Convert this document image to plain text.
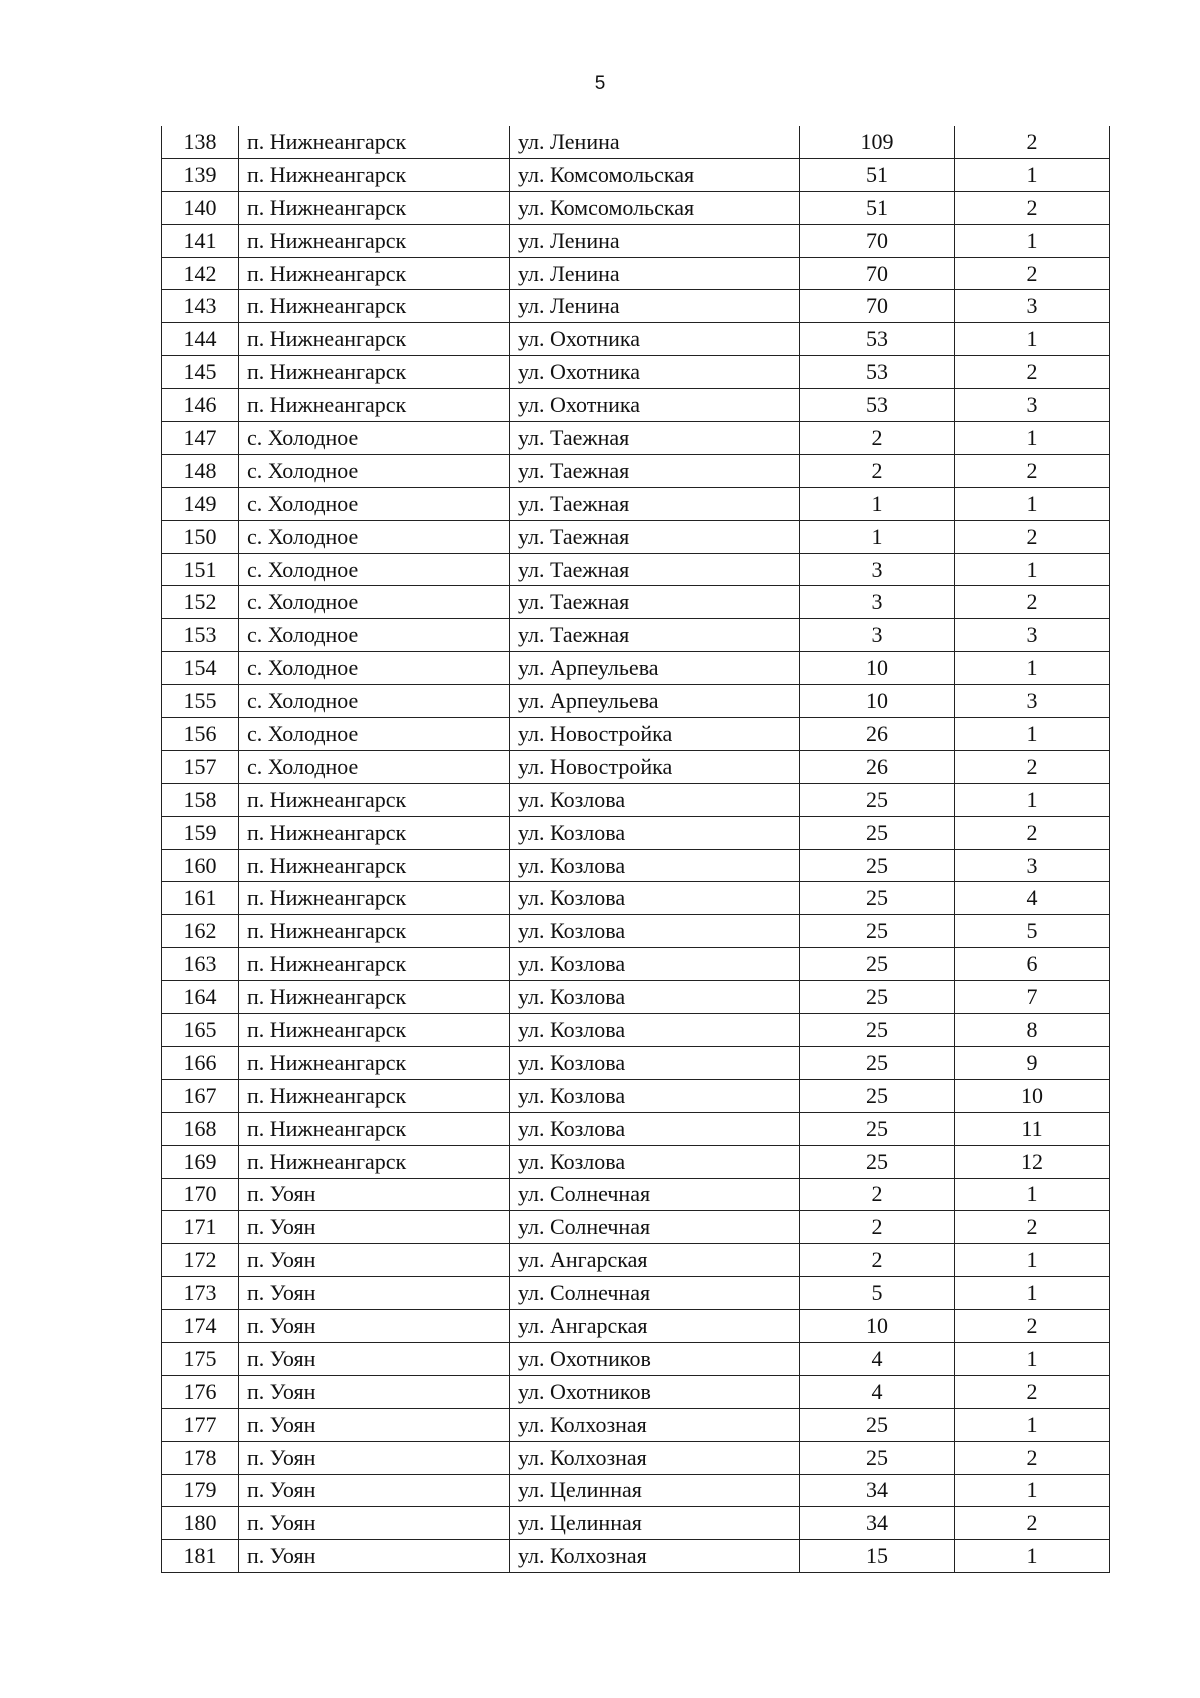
5
138	п. Нижнеангарск	ул. Ленина	109	2
139	п. Нижнеангарск	ул. Комсомольская	51	1
140	п. Нижнеангарск	ул. Комсомольская	51	2
141	п. Нижнеангарск	ул. Ленина	70	1
142	п. Нижнеангарск	ул. Ленина	70	2
143	п. Нижнеангарск	ул. Ленина	70	3
144	п. Нижнеангарск	ул. Охотника	53	1
145	п. Нижнеангарск	ул. Охотника	53	2
146	п. Нижнеангарск	ул. Охотника	53	3
147	с. Холодное	ул. Таежная	2	1
148	с. Холодное	ул. Таежная	2	2
149	с. Холодное	ул. Таежная	1	1
150	с. Холодное	ул. Таежная	1	2
151	с. Холодное	ул. Таежная	3	1
152	с. Холодное	ул. Таежная	3	2
153	с. Холодное	ул. Таежная	3	3
154	с. Холодное	ул. Арпеульева	10	1
155	с. Холодное	ул. Арпеульева	10	3
156	с. Холодное	ул. Новостройка	26	1
157	с. Холодное	ул. Новостройка	26	2
158	п. Нижнеангарск	ул. Козлова	25	1
159	п. Нижнеангарск	ул. Козлова	25	2
160	п. Нижнеангарск	ул. Козлова	25	3
161	п. Нижнеангарск	ул. Козлова	25	4
162	п. Нижнеангарск	ул. Козлова	25	5
163	п. Нижнеангарск	ул. Козлова	25	6
164	п. Нижнеангарск	ул. Козлова	25	7
165	п. Нижнеангарск	ул. Козлова	25	8
166	п. Нижнеангарск	ул. Козлова	25	9
167	п. Нижнеангарск	ул. Козлова	25	10
168	п. Нижнеангарск	ул. Козлова	25	11
169	п. Нижнеангарск	ул. Козлова	25	12
170	п. Уоян	ул. Солнечная	2	1
171	п. Уоян	ул. Солнечная	2	2
172	п. Уоян	ул. Ангарская	2	1
173	п. Уоян	ул. Солнечная	5	1
174	п. Уоян	ул. Ангарская	10	2
175	п. Уоян	ул. Охотников	4	1
176	п. Уоян	ул. Охотников	4	2
177	п. Уоян	ул. Колхозная	25	1
178	п. Уоян	ул. Колхозная	25	2
179	п. Уоян	ул. Целинная	34	1
180	п. Уоян	ул. Целинная	34	2
181	п. Уоян	ул. Колхозная	15	1
